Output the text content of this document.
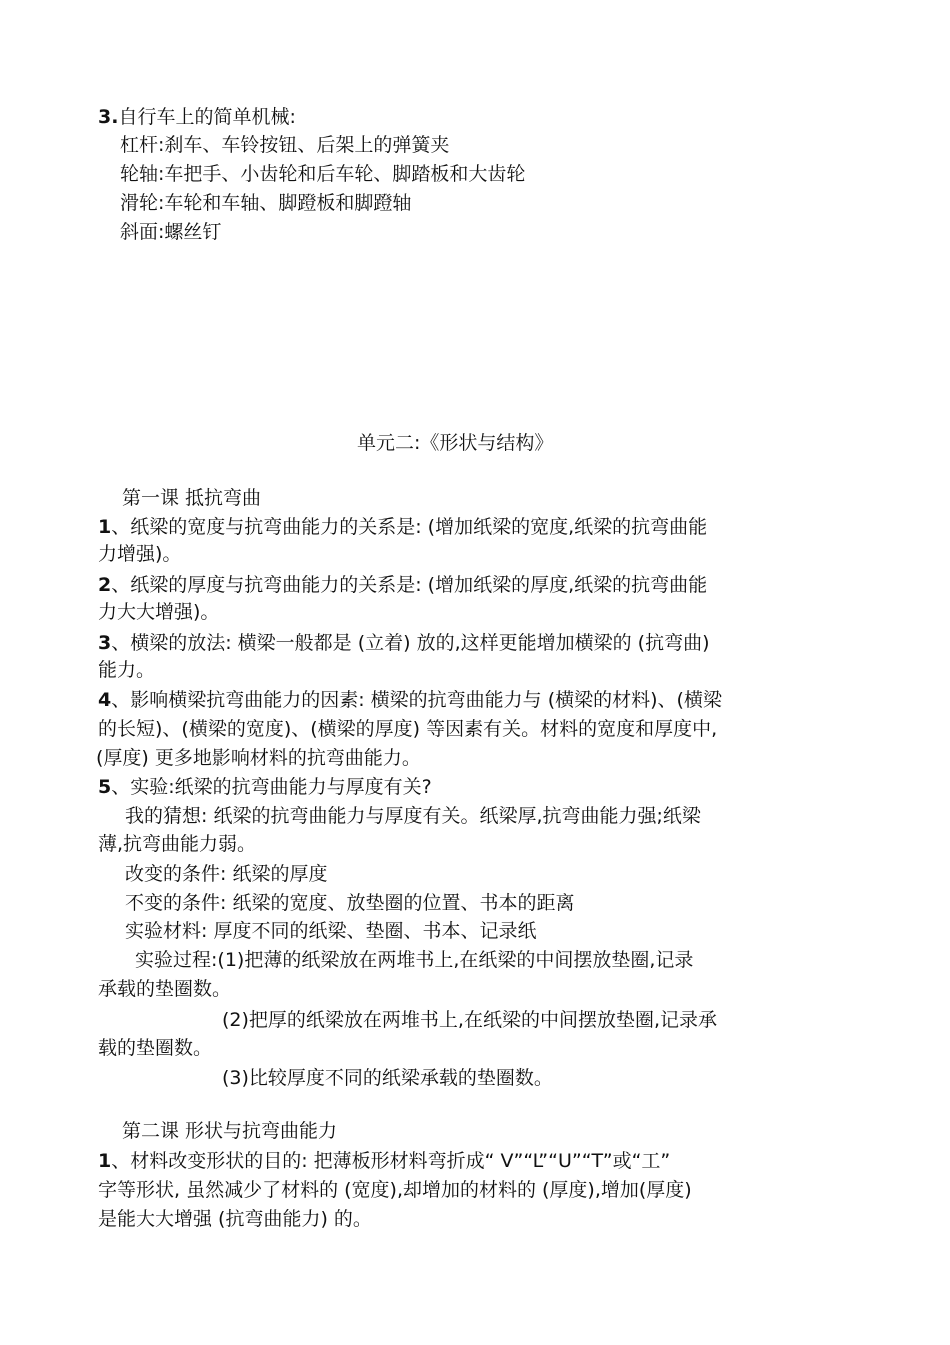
3.自行车上的简单机械:
杠杆:刹车、车铃按钮、后架上的弹簧夹
轮轴:车把手、小齿轮和后车轮、脚踏板和大齿轮
滑轮:车轮和车轴、脚蹬板和脚蹬轴
斜面:螺丝钉
单元二:《形状与结构》
第一课 抵抗弯曲
1、纸梁的宽度与抗弯曲能力的关系是: (增加纸梁的宽度,纸梁的抗弯曲能
力增强)。
2、纸梁的厚度与抗弯曲能力的关系是: (增加纸梁的厚度,纸梁的抗弯曲能
力大大增强)。
3、横梁的放法: 横梁一般都是 (立着) 放的,这样更能增加横梁的 (抗弯曲)
能力。
4、影响横梁抗弯曲能力的因素: 横梁的抗弯曲能力与 (横梁的材料)、(横梁
的长短)、(横梁的宽度)、(横梁的厚度) 等因素有关。材料的宽度和厚度中,
(厚度) 更多地影响材料的抗弯曲能力。
5、实验:纸梁的抗弯曲能力与厚度有关?
我的猜想: 纸梁的抗弯曲能力与厚度有关。纸梁厚,抗弯曲能力强;纸梁
薄,抗弯曲能力弱。
改变的条件: 纸梁的厚度
不变的条件: 纸梁的宽度、放垫圈的位置、书本的距离
实验材料: 厚度不同的纸梁、垫圈、书本、记录纸
实验过程:(1)把薄的纸梁放在两堆书上,在纸梁的中间摆放垫圈,记录
承载的垫圈数。
(2)把厚的纸梁放在两堆书上,在纸梁的中间摆放垫圈,记录承
载的垫圈数。
(3)比较厚度不同的纸梁承载的垫圈数。
第二课 形状与抗弯曲能力
1、材料改变形状的目的: 把薄板形材料弯折成“ V”“L”“U”“T”或“工”
字等形状, 虽然减少了材料的 (宽度),却增加的材料的 (厚度),增加(厚度)
是能大大增强 (抗弯曲能力) 的。
